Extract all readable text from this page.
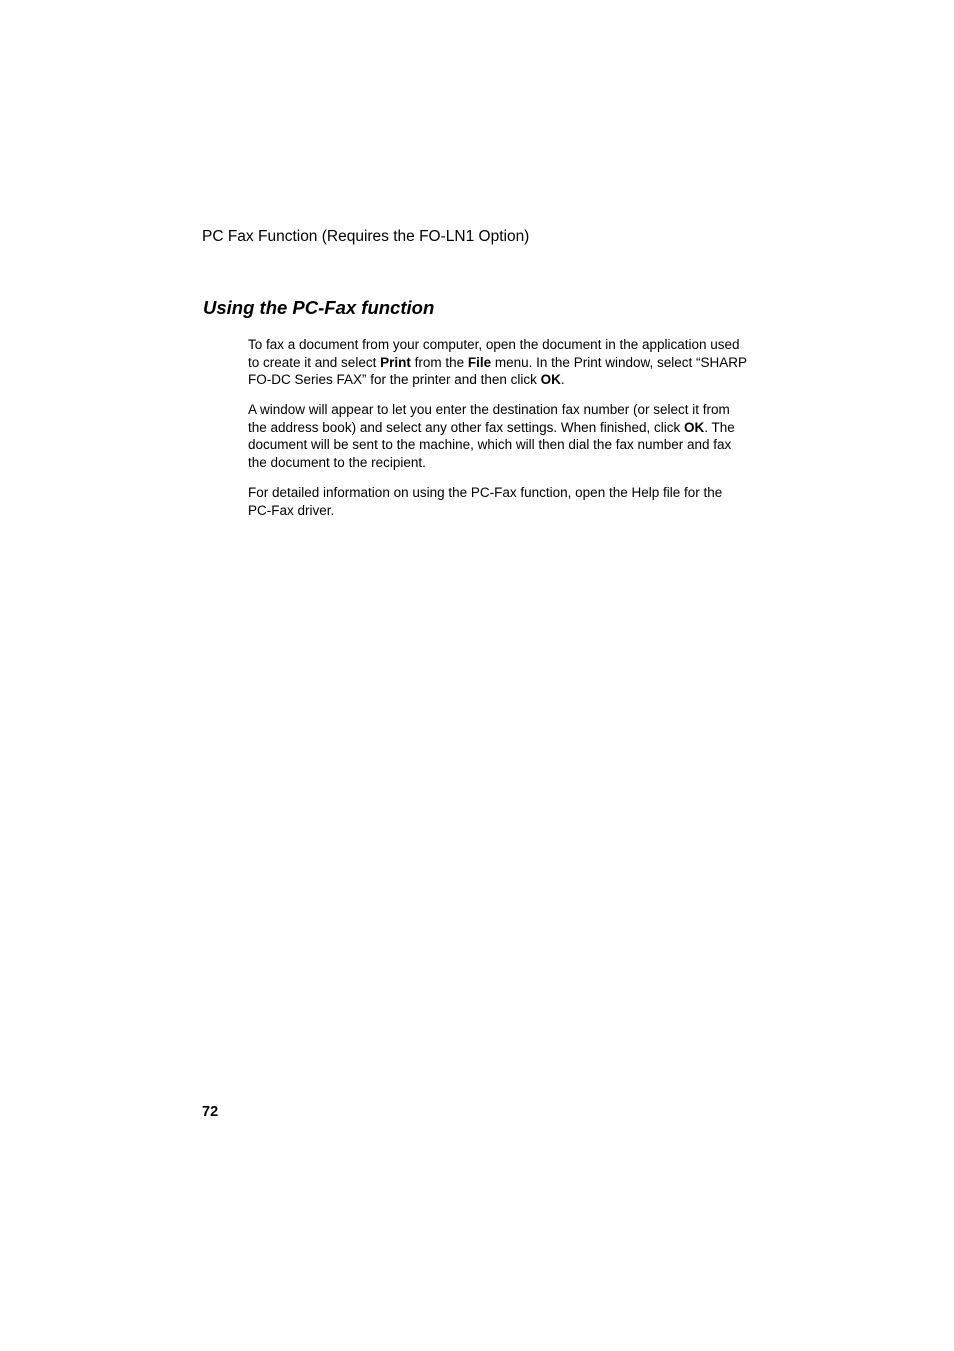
PC Fax Function (Requires the FO-LN1 Option)
Using the PC-Fax function

To fax a document from your computer, open the document in the application used to create it and select Print from the File menu. In the Print window, select “SHARP FO-DC Series FAX” for the printer and then click OK.

A window will appear to let you enter the destination fax number (or select it from the address book) and select any other fax settings. When finished, click OK. The document will be sent to the machine, which will then dial the fax number and fax the document to the recipient.

For detailed information on using the PC-Fax function, open the Help file for the PC-Fax driver.

72
